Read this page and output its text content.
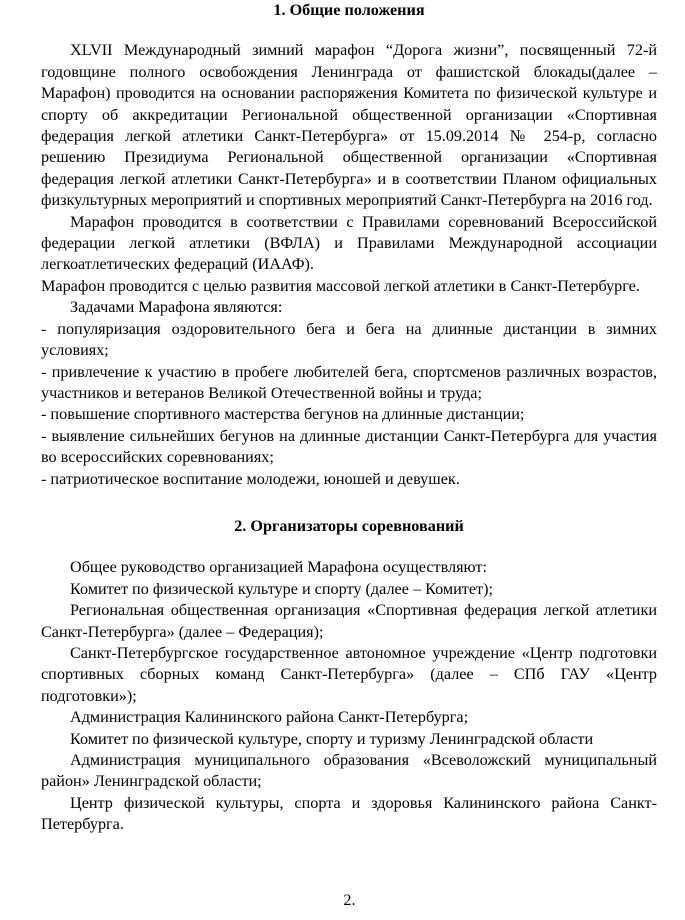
1. Общие положения

XLVII Международный зимний марафон “Дорога жизни”, посвященный 72-й годовщине полного освобождения Ленинграда от фашистской блокады(далее – Марафон) проводится на основании распоряжения Комитета по физической культуре и спорту об аккредитации Региональной общественной организации «Спортивная федерация легкой атлетики Санкт-Петербурга» от 15.09.2014 № 254-р, согласно решению Президиума Региональной общественной организации «Спортивная федерация легкой атлетики Санкт-Петербурга» и в соответствии Планом официальных физкультурных мероприятий и спортивных мероприятий Санкт-Петербурга на 2016 год.

Марафон проводится в соответствии с Правилами соревнований Всероссийской федерации легкой атлетики (ВФЛА) и Правилами Международной ассоциации легкоатлетических федераций (ИААФ).

Марафон проводится с целью развития массовой легкой атлетики в Санкт-Петербурге.

Задачами Марафона являются:

- популяризация оздоровительного бега и бега на длинные дистанции в зимних условиях;

- привлечение к участию в пробеге любителей бега, спортсменов различных возрастов, участников и ветеранов Великой Отечественной войны и труда;

- повышение спортивного мастерства бегунов на длинные дистанции;

- выявление сильнейших бегунов на длинные дистанции Санкт-Петербурга для участия во всероссийских соревнованиях;

- патриотическое воспитание молодежи, юношей и девушек.

2. Организаторы соревнований

Общее руководство организацией Марафона осуществляют:

Комитет по физической культуре и спорту (далее – Комитет);

Региональная общественная организация «Спортивная федерация легкой атлетики Санкт-Петербурга» (далее – Федерация);

Санкт-Петербургское государственное автономное учреждение «Центр подготовки спортивных сборных команд Санкт-Петербурга» (далее – СПб ГАУ «Центр подготовки»);

Администрация Калининского района Санкт-Петербурга;

Комитет по физической культуре, спорту и туризму Ленинградской области

Администрация муниципального образования «Всеволожский муниципальный район» Ленинградской области;

Центр физической культуры, спорта и здоровья Калининского района Санкт-Петербурга.

2.
